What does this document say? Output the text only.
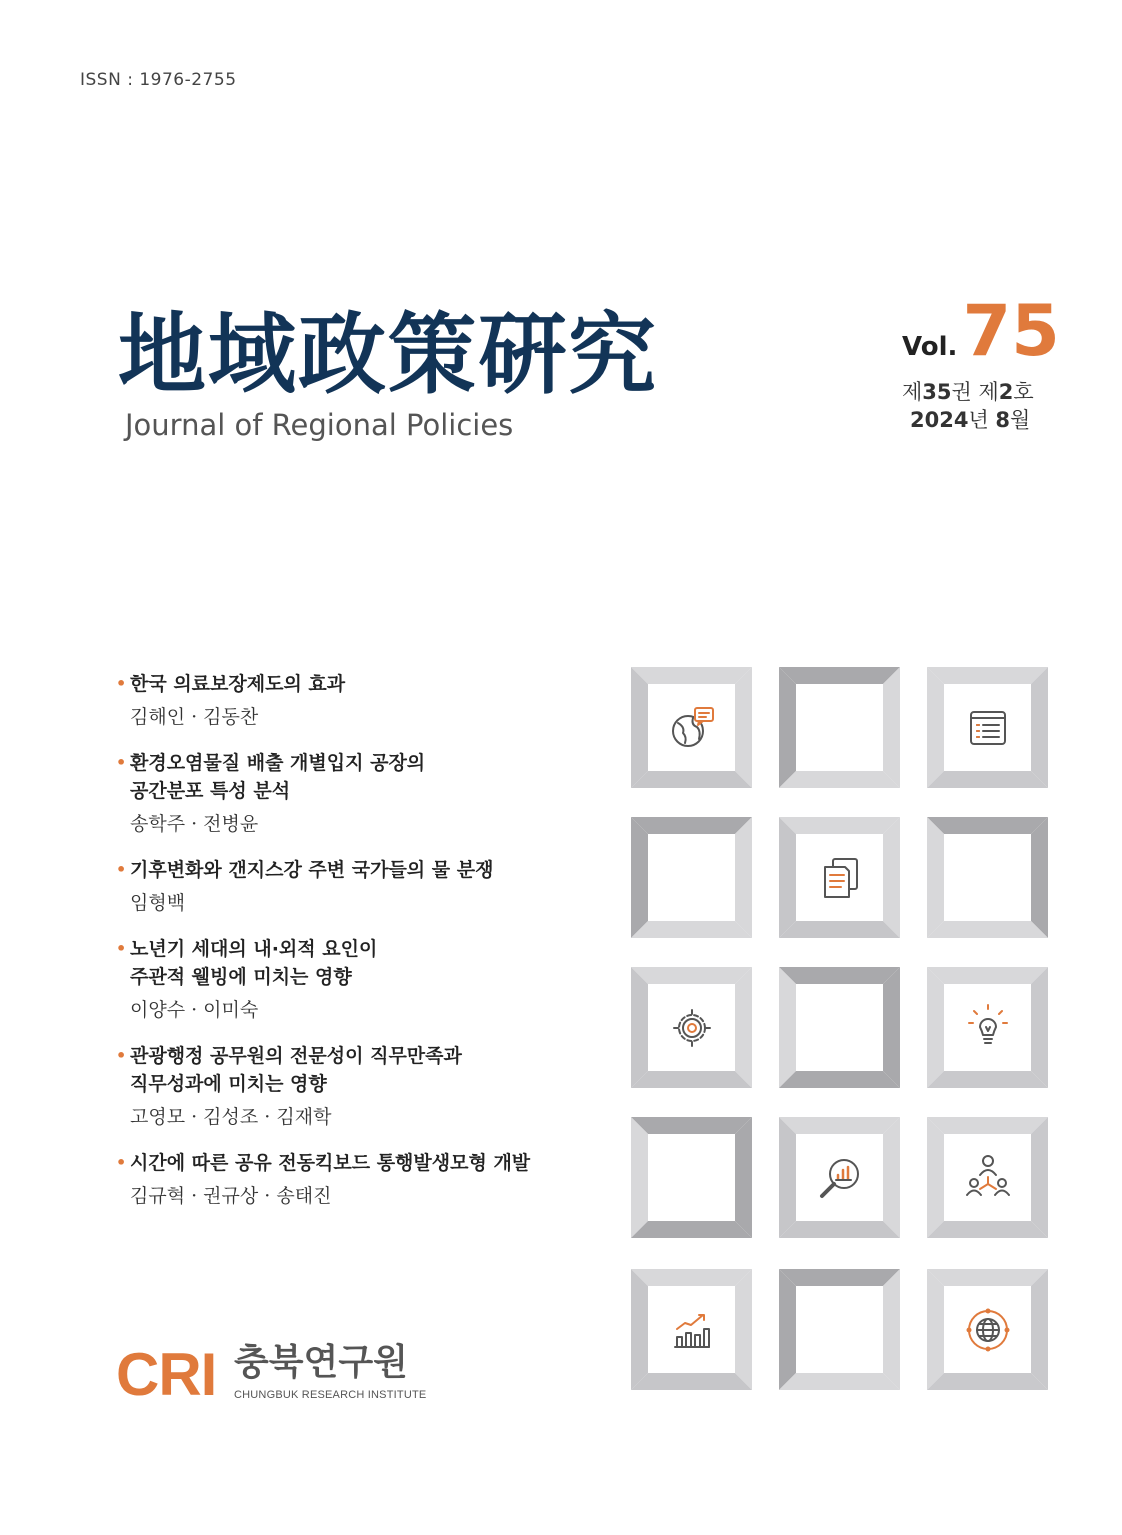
ISSN : 1976-2755
地域政策硏究
Journal of Regional Policies
Vol. 75
제35권 제2호
2024년 8월
• 한국 의료보장제도의 효과
김해인 · 김동찬
• 환경오염물질 배출 개별입지 공장의
공간분포 특성 분석
송학주 · 전병윤
• 기후변화와 갠지스강 주변 국가들의 물 분쟁
임형백
• 노년기 세대의 내·외적 요인이
주관적 웰빙에 미치는 영향
이양수 · 이미숙
• 관광행정 공무원의 전문성이 직무만족과
직무성과에 미치는 영향
고영모 · 김성조 · 김재학
• 시간에 따른 공유 전동킥보드 통행발생모형 개발
김규혁 · 권규상 · 송태진
CRI 충북연구원
CHUNGBUK RESEARCH INSTITUTE
